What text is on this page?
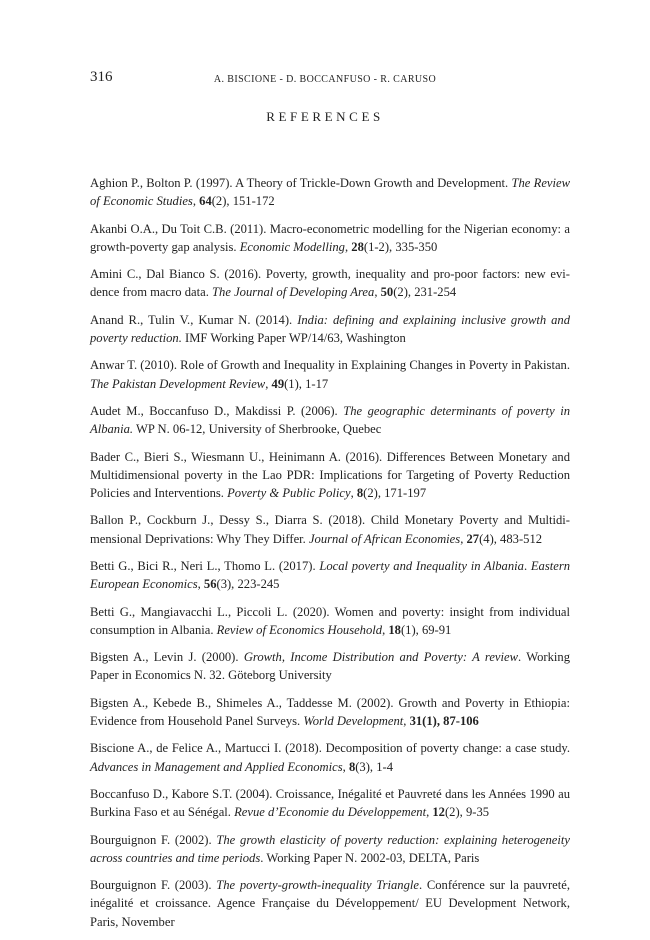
316	A. BISCIONE - D. BOCCANFUSO - R. CARUSO
REFERENCES

Aghion P., Bolton P. (1997). A Theory of Trickle-Down Growth and Development. The Review of Economic Studies, 64(2), 151-172

Akanbi O.A., Du Toit C.B. (2011). Macro-econometric modelling for the Nigerian economy: a growth-poverty gap analysis. Economic Modelling, 28(1-2), 335-350

Amini C., Dal Bianco S. (2016). Poverty, growth, inequality and pro-poor factors: new evidence from macro data. The Journal of Developing Area, 50(2), 231-254

Anand R., Tulin V., Kumar N. (2014). India: defining and explaining inclusive growth and poverty reduction. IMF Working Paper WP/14/63, Washington

Anwar T. (2010). Role of Growth and Inequality in Explaining Changes in Poverty in Pakistan. The Pakistan Development Review, 49(1), 1-17

Audet M., Boccanfuso D., Makdissi P. (2006). The geographic determinants of poverty in Albania. WP N. 06-12, University of Sherbrooke, Quebec

Bader C., Bieri S., Wiesmann U., Heinimann A. (2016). Differences Between Monetary and Multidimensional poverty in the Lao PDR: Implications for Targeting of Poverty Reduction Policies and Interventions. Poverty & Public Policy, 8(2), 171-197

Ballon P., Cockburn J., Dessy S., Diarra S. (2018). Child Monetary Poverty and Multidimensional Deprivations: Why They Differ. Journal of African Economies, 27(4), 483-512

Betti G., Bici R., Neri L., Thomo L. (2017). Local poverty and Inequality in Albania. Eastern European Economics, 56(3), 223-245

Betti G., Mangiavacchi L., Piccoli L. (2020). Women and poverty: insight from individual consumption in Albania. Review of Economics Household, 18(1), 69-91

Bigsten A., Levin J. (2000). Growth, Income Distribution and Poverty: A review. Working Paper in Economics N. 32. Göteborg University

Bigsten A., Kebede B., Shimeles A., Taddesse M. (2002). Growth and Poverty in Ethiopia: Evidence from Household Panel Surveys. World Development, 31(1), 87-106

Biscione A., de Felice A., Martucci I. (2018). Decomposition of poverty change: a case study. Advances in Management and Applied Economics, 8(3), 1-4

Boccanfuso D., Kabore S.T. (2004). Croissance, Inégalité et Pauvreté dans les Années 1990 au Burkina Faso et au Sénégal. Revue d’Economie du Développement, 12(2), 9-35

Bourguignon F. (2002). The growth elasticity of poverty reduction: explaining heterogeneity across countries and time periods. Working Paper N. 2002-03, DELTA, Paris

Bourguignon F. (2003). The poverty-growth-inequality Triangle. Conférence sur la pauvreté, inégalité et croissance. Agence Française du Développement/ EU Development Network, Paris, November
